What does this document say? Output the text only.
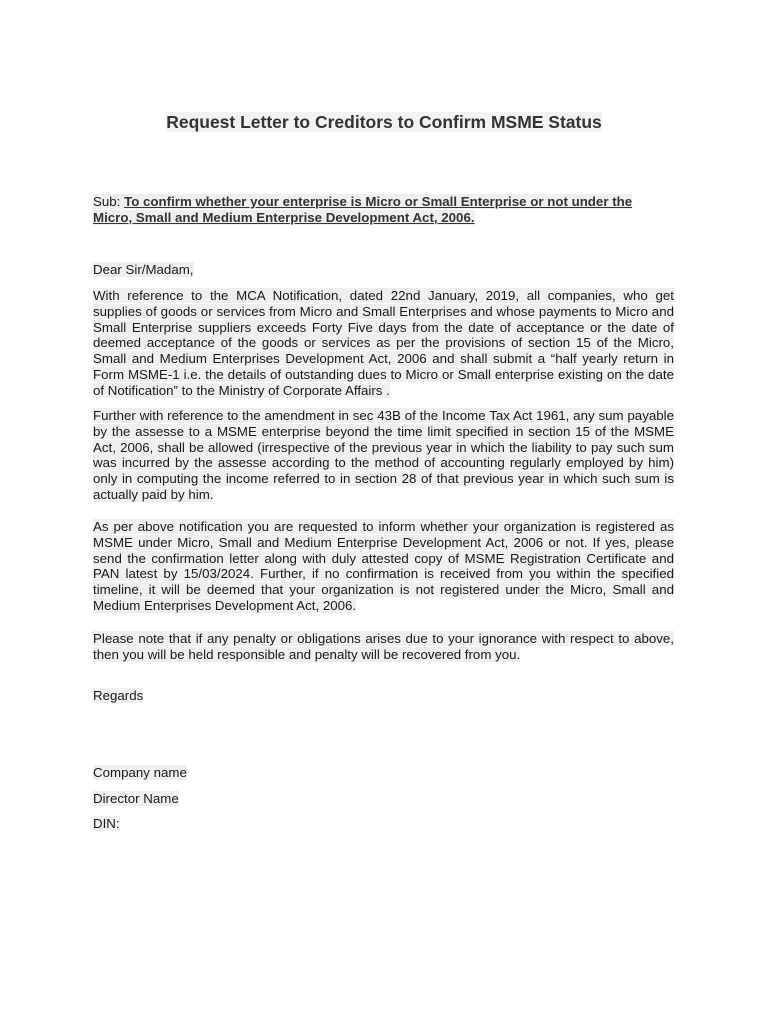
Request Letter to Creditors to Confirm MSME Status
Sub: To confirm whether your enterprise is Micro or Small Enterprise or not under the Micro, Small and Medium Enterprise Development Act, 2006.
Dear Sir/Madam,
With reference to the MCA Notification, dated 22nd January, 2019, all companies, who get supplies of goods or services from Micro and Small Enterprises and whose payments to Micro and Small Enterprise suppliers exceeds Forty Five days from the date of acceptance or the date of deemed acceptance of the goods or services as per the provisions of section 15 of the Micro, Small and Medium Enterprises Development Act, 2006 and shall submit a “half yearly return in Form MSME-1 i.e. the details of outstanding dues to Micro or Small enterprise existing on the date of Notification” to the Ministry of Corporate Affairs .
Further with reference to the amendment in sec 43B of the Income Tax Act 1961, any sum payable by the assesse to a MSME enterprise beyond the time limit specified in section 15 of the MSME Act, 2006, shall be allowed (irrespective of the previous year in which the liability to pay such sum was incurred by the assesse according to the method of accounting regularly employed by him) only in computing the income referred to in section 28 of that previous year in which such sum is actually paid by him.
As per above notification you are requested to inform whether your organization is registered as MSME under Micro, Small and Medium Enterprise Development Act, 2006 or not. If yes, please send the confirmation letter along with duly attested copy of MSME Registration Certificate and PAN latest by 15/03/2024. Further, if no confirmation is received from you within the specified timeline, it will be deemed that your organization is not registered under the Micro, Small and Medium Enterprises Development Act, 2006.
Please note that if any penalty or obligations arises due to your ignorance with respect to above, then you will be held responsible and penalty will be recovered from you.
Regards
Company name
Director Name
DIN:
